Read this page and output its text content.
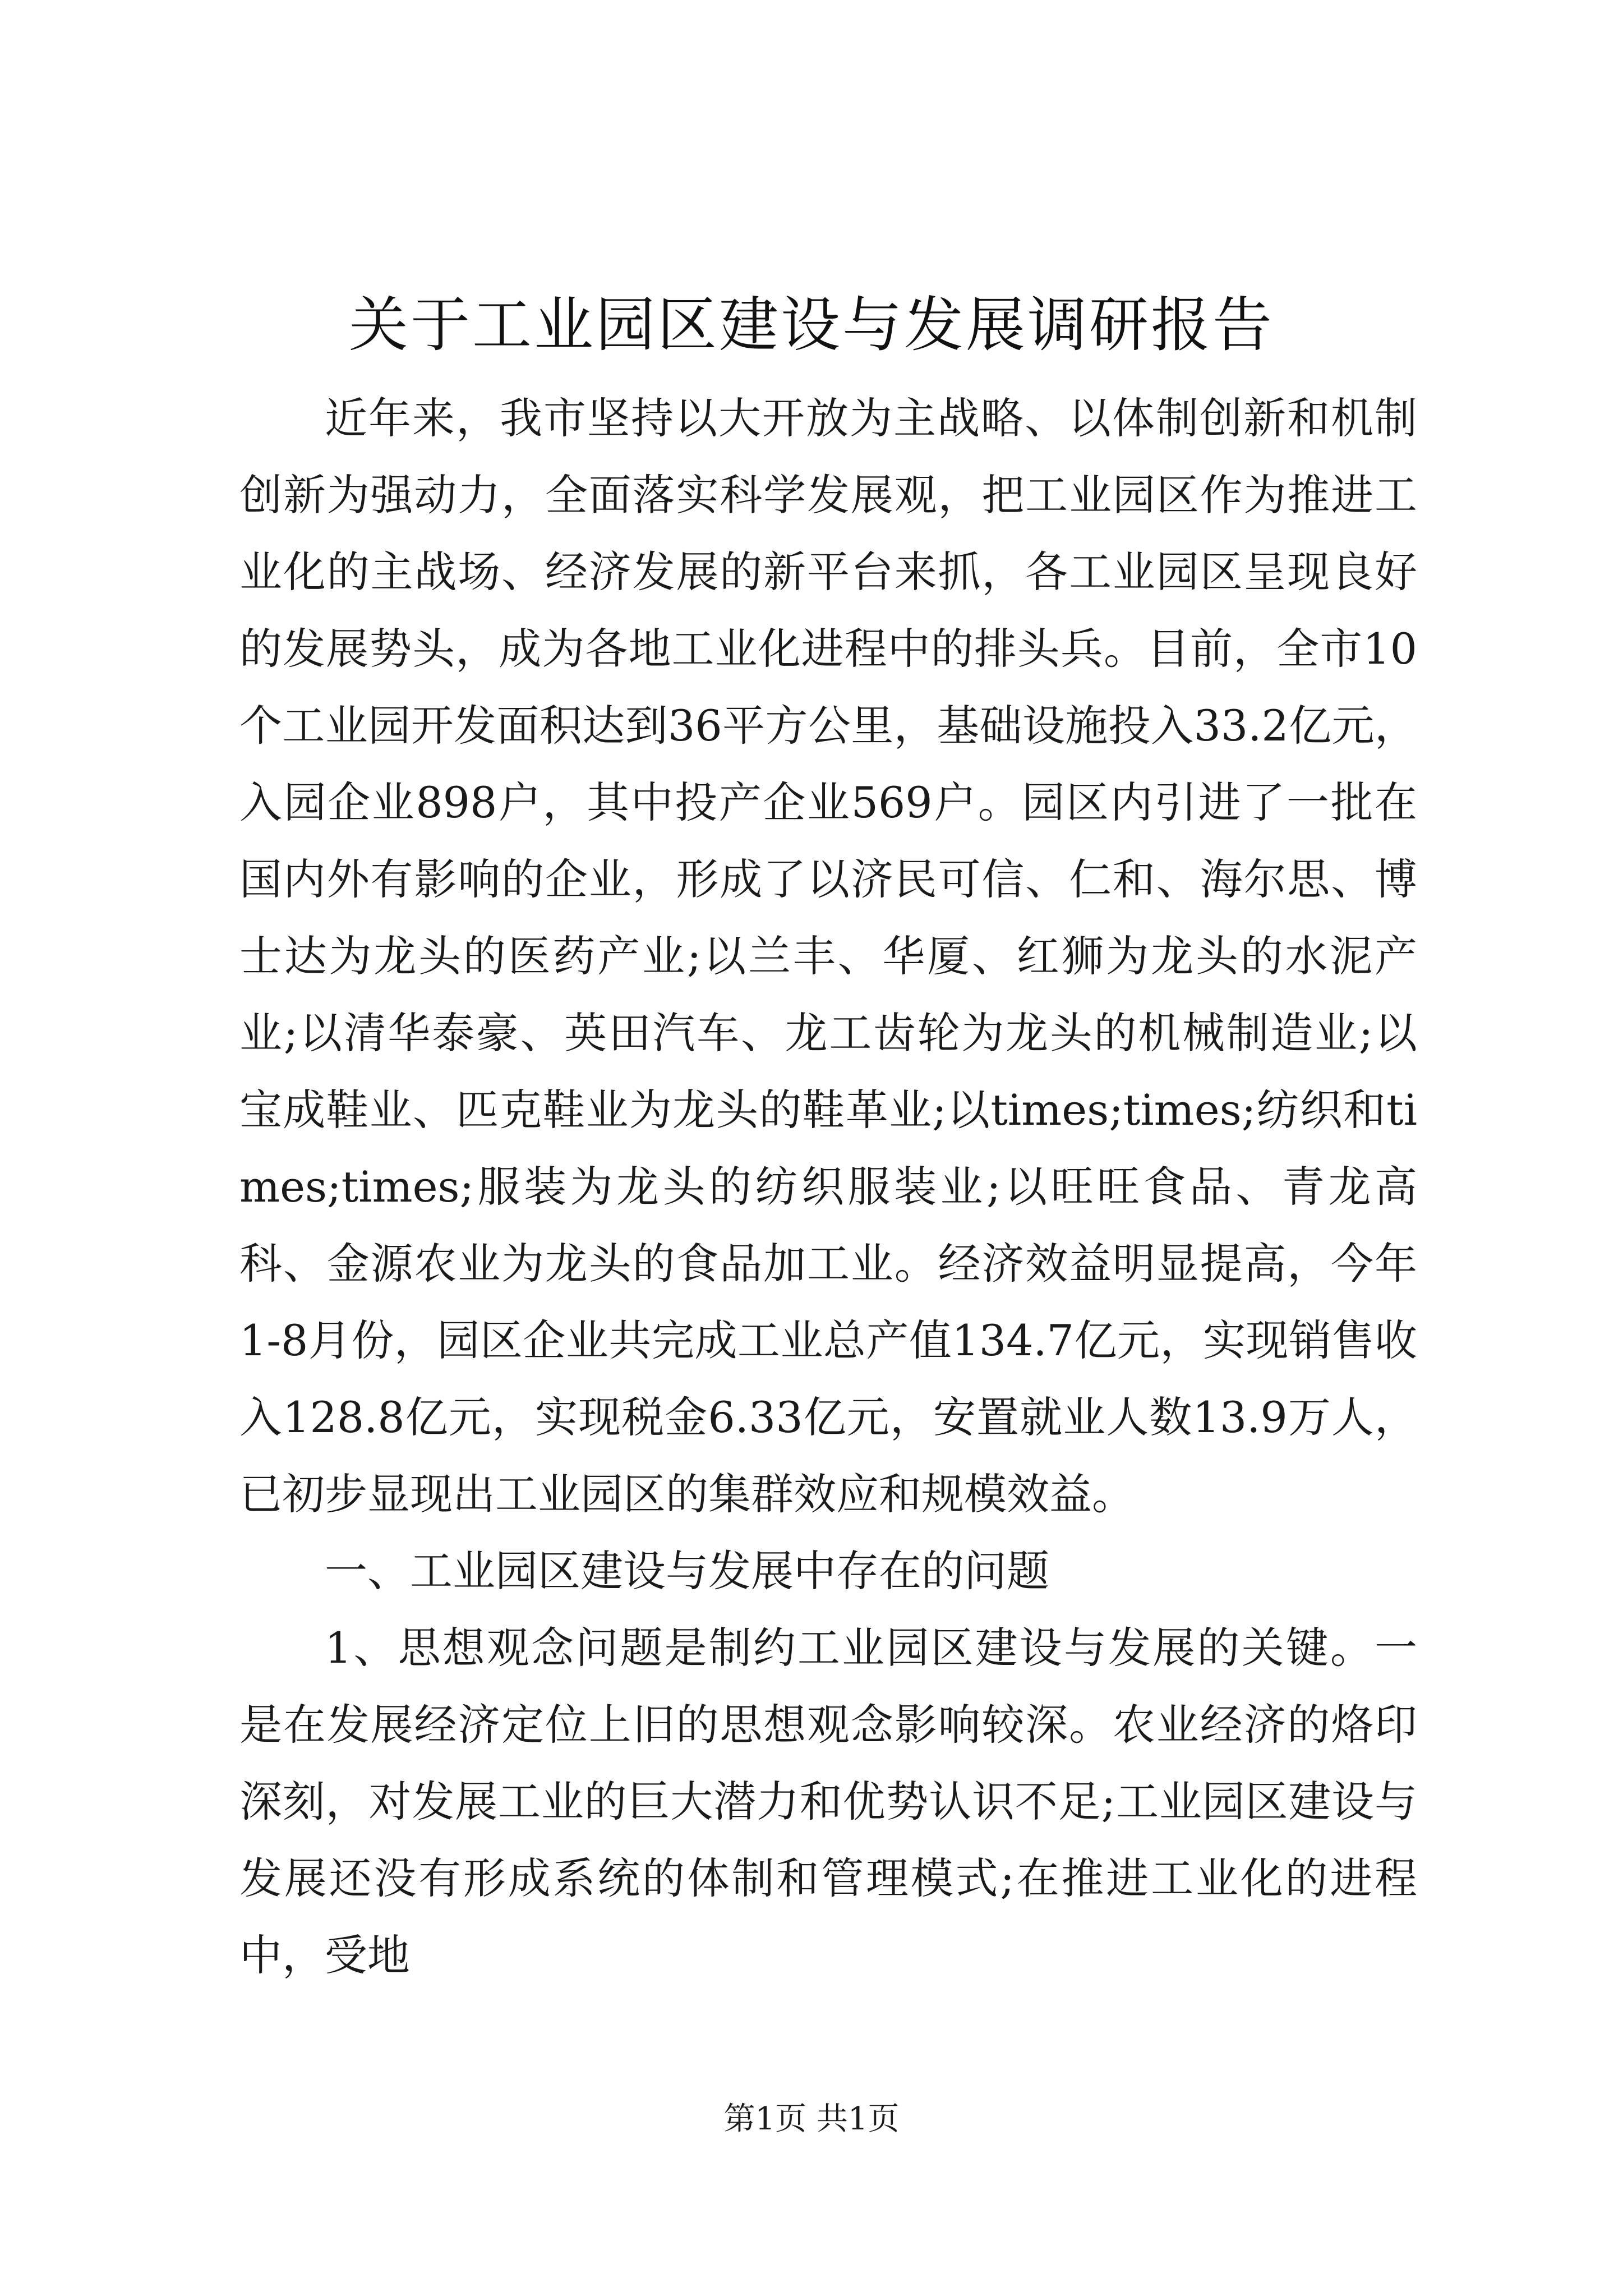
关于工业园区建设与发展调研报告

近年来，我市坚持以大开放为主战略、以体制创新和机制创新为强动力，全面落实科学发展观，把工业园区作为推进工业化的主战场、经济发展的新平台来抓，各工业园区呈现良好的发展势头，成为各地工业化进程中的排头兵。目前，全市10个工业园开发面积达到36平方公里，基础设施投入33.2亿元，入园企业898户，其中投产企业569户。园区内引进了一批在国内外有影响的企业，形成了以济民可信、仁和、海尔思、博士达为龙头的医药产业;以兰丰、华厦、红狮为龙头的水泥产业;以清华泰豪、英田汽车、龙工齿轮为龙头的机械制造业;以宝成鞋业、匹克鞋业为龙头的鞋革业;以times;times;纺织和times;times;服装为龙头的纺织服装业;以旺旺食品、青龙高科、金源农业为龙头的食品加工业。经济效益明显提高，今年1-8月份，园区企业共完成工业总产值134.7亿元，实现销售收入128.8亿元，实现税金6.33亿元，安置就业人数13.9万人，已初步显现出工业园区的集群效应和规模效益。

一、工业园区建设与发展中存在的问题

1、思想观念问题是制约工业园区建设与发展的关键。一是在发展经济定位上旧的思想观念影响较深。农业经济的烙印深刻，对发展工业的巨大潜力和优势认识不足;工业园区建设与发展还没有形成系统的体制和管理模式;在推进工业化的进程中，受地

第1页 共1页
